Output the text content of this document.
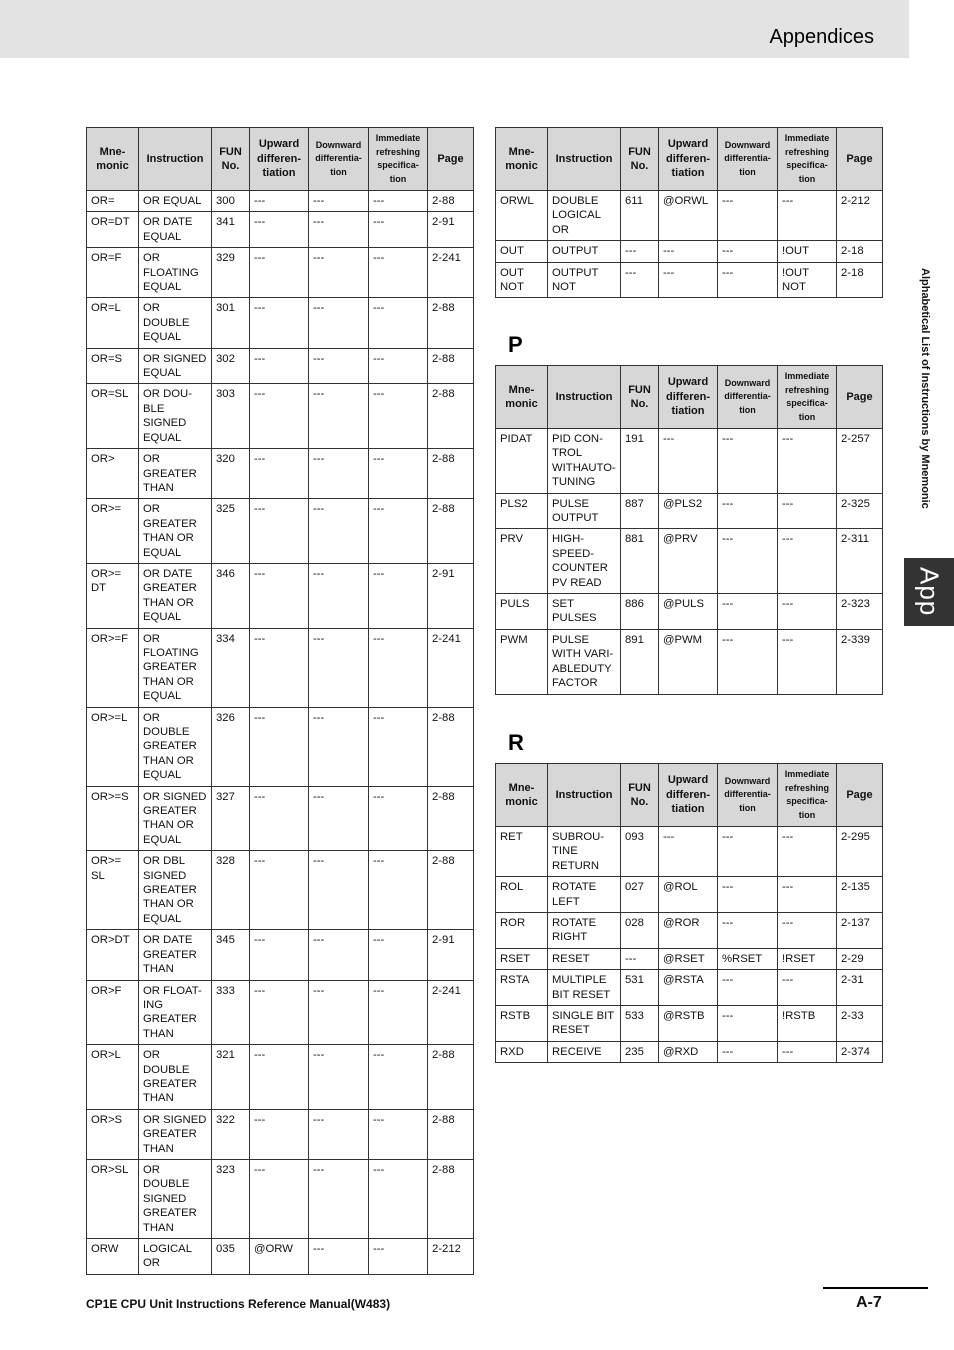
Appendices
Alphabetical List of Instructions by Mnemonic
App
Mne-monic	Instruction	FUN No.	Upward differen-tiation	Downward differentia-tion	Immediate refreshing specifica-tion	Page
OR=	OR EQUAL	300	---	---	---	2-88
OR=DT	OR DATE EQUAL	341	---	---	---	2-91
OR=F	OR FLOATING EQUAL	329	---	---	---	2-241
OR=L	OR DOUBLE EQUAL	301	---	---	---	2-88
OR=S	OR SIGNED EQUAL	302	---	---	---	2-88
OR=SL	OR DOU-BLE SIGNED EQUAL	303	---	---	---	2-88
OR>	OR GREATER THAN	320	---	---	---	2-88
OR>=	OR GREATER THAN OR EQUAL	325	---	---	---	2-88
OR>= DT	OR DATE GREATER THAN OR EQUAL	346	---	---	---	2-91
OR>=F	OR FLOATING GREATER THAN OR EQUAL	334	---	---	---	2-241
OR>=L	OR DOUBLE GREATER THAN OR EQUAL	326	---	---	---	2-88
OR>=S	OR SIGNED GREATER THAN OR EQUAL	327	---	---	---	2-88
OR>= SL	OR DBL SIGNED GREATER THAN OR EQUAL	328	---	---	---	2-88
OR>DT	OR DATE GREATER THAN	345	---	---	---	2-91
OR>F	OR FLOAT-ING GREATER THAN	333	---	---	---	2-241
OR>L	OR DOUBLE GREATER THAN	321	---	---	---	2-88
OR>S	OR SIGNED GREATER THAN	322	---	---	---	2-88
OR>SL	OR DOUBLE SIGNED GREATER THAN	323	---	---	---	2-88
ORW	LOGICAL OR	035	@ORW	---	---	2-212
Mne-monic	Instruction	FUN No.	Upward differen-tiation	Downward differentia-tion	Immediate refreshing specifica-tion	Page
ORWL	DOUBLE LOGICAL OR	611	@ORWL	---	---	2-212
OUT	OUTPUT	---	---	---	!OUT	2-18
OUT NOT	OUTPUT NOT	---	---	---	!OUT NOT	2-18
P
Mne-monic	Instruction	FUN No.	Upward differen-tiation	Downward differentia-tion	Immediate refreshing specifica-tion	Page
PIDAT	PID CON-TROL WITHAUTO-TUNING	191	---	---	---	2-257
PLS2	PULSE OUTPUT	887	@PLS2	---	---	2-325
PRV	HIGH-SPEED-COUNTER PV READ	881	@PRV	---	---	2-311
PULS	SET PULSES	886	@PULS	---	---	2-323
PWM	PULSE WITH VARI-ABLEDUTY FACTOR	891	@PWM	---	---	2-339
R
Mne-monic	Instruction	FUN No.	Upward differen-tiation	Downward differentia-tion	Immediate refreshing specifica-tion	Page
RET	SUBROU-TINE RETURN	093	---	---	---	2-295
ROL	ROTATE LEFT	027	@ROL	---	---	2-135
ROR	ROTATE RIGHT	028	@ROR	---	---	2-137
RSET	RESET	---	@RSET	%RSET	!RSET	2-29
RSTA	MULTIPLE BIT RESET	531	@RSTA	---	---	2-31
RSTB	SINGLE BIT RESET	533	@RSTB	---	!RSTB	2-33
RXD	RECEIVE	235	@RXD	---	---	2-374
CP1E CPU Unit Instructions Reference Manual(W483)	A-7
